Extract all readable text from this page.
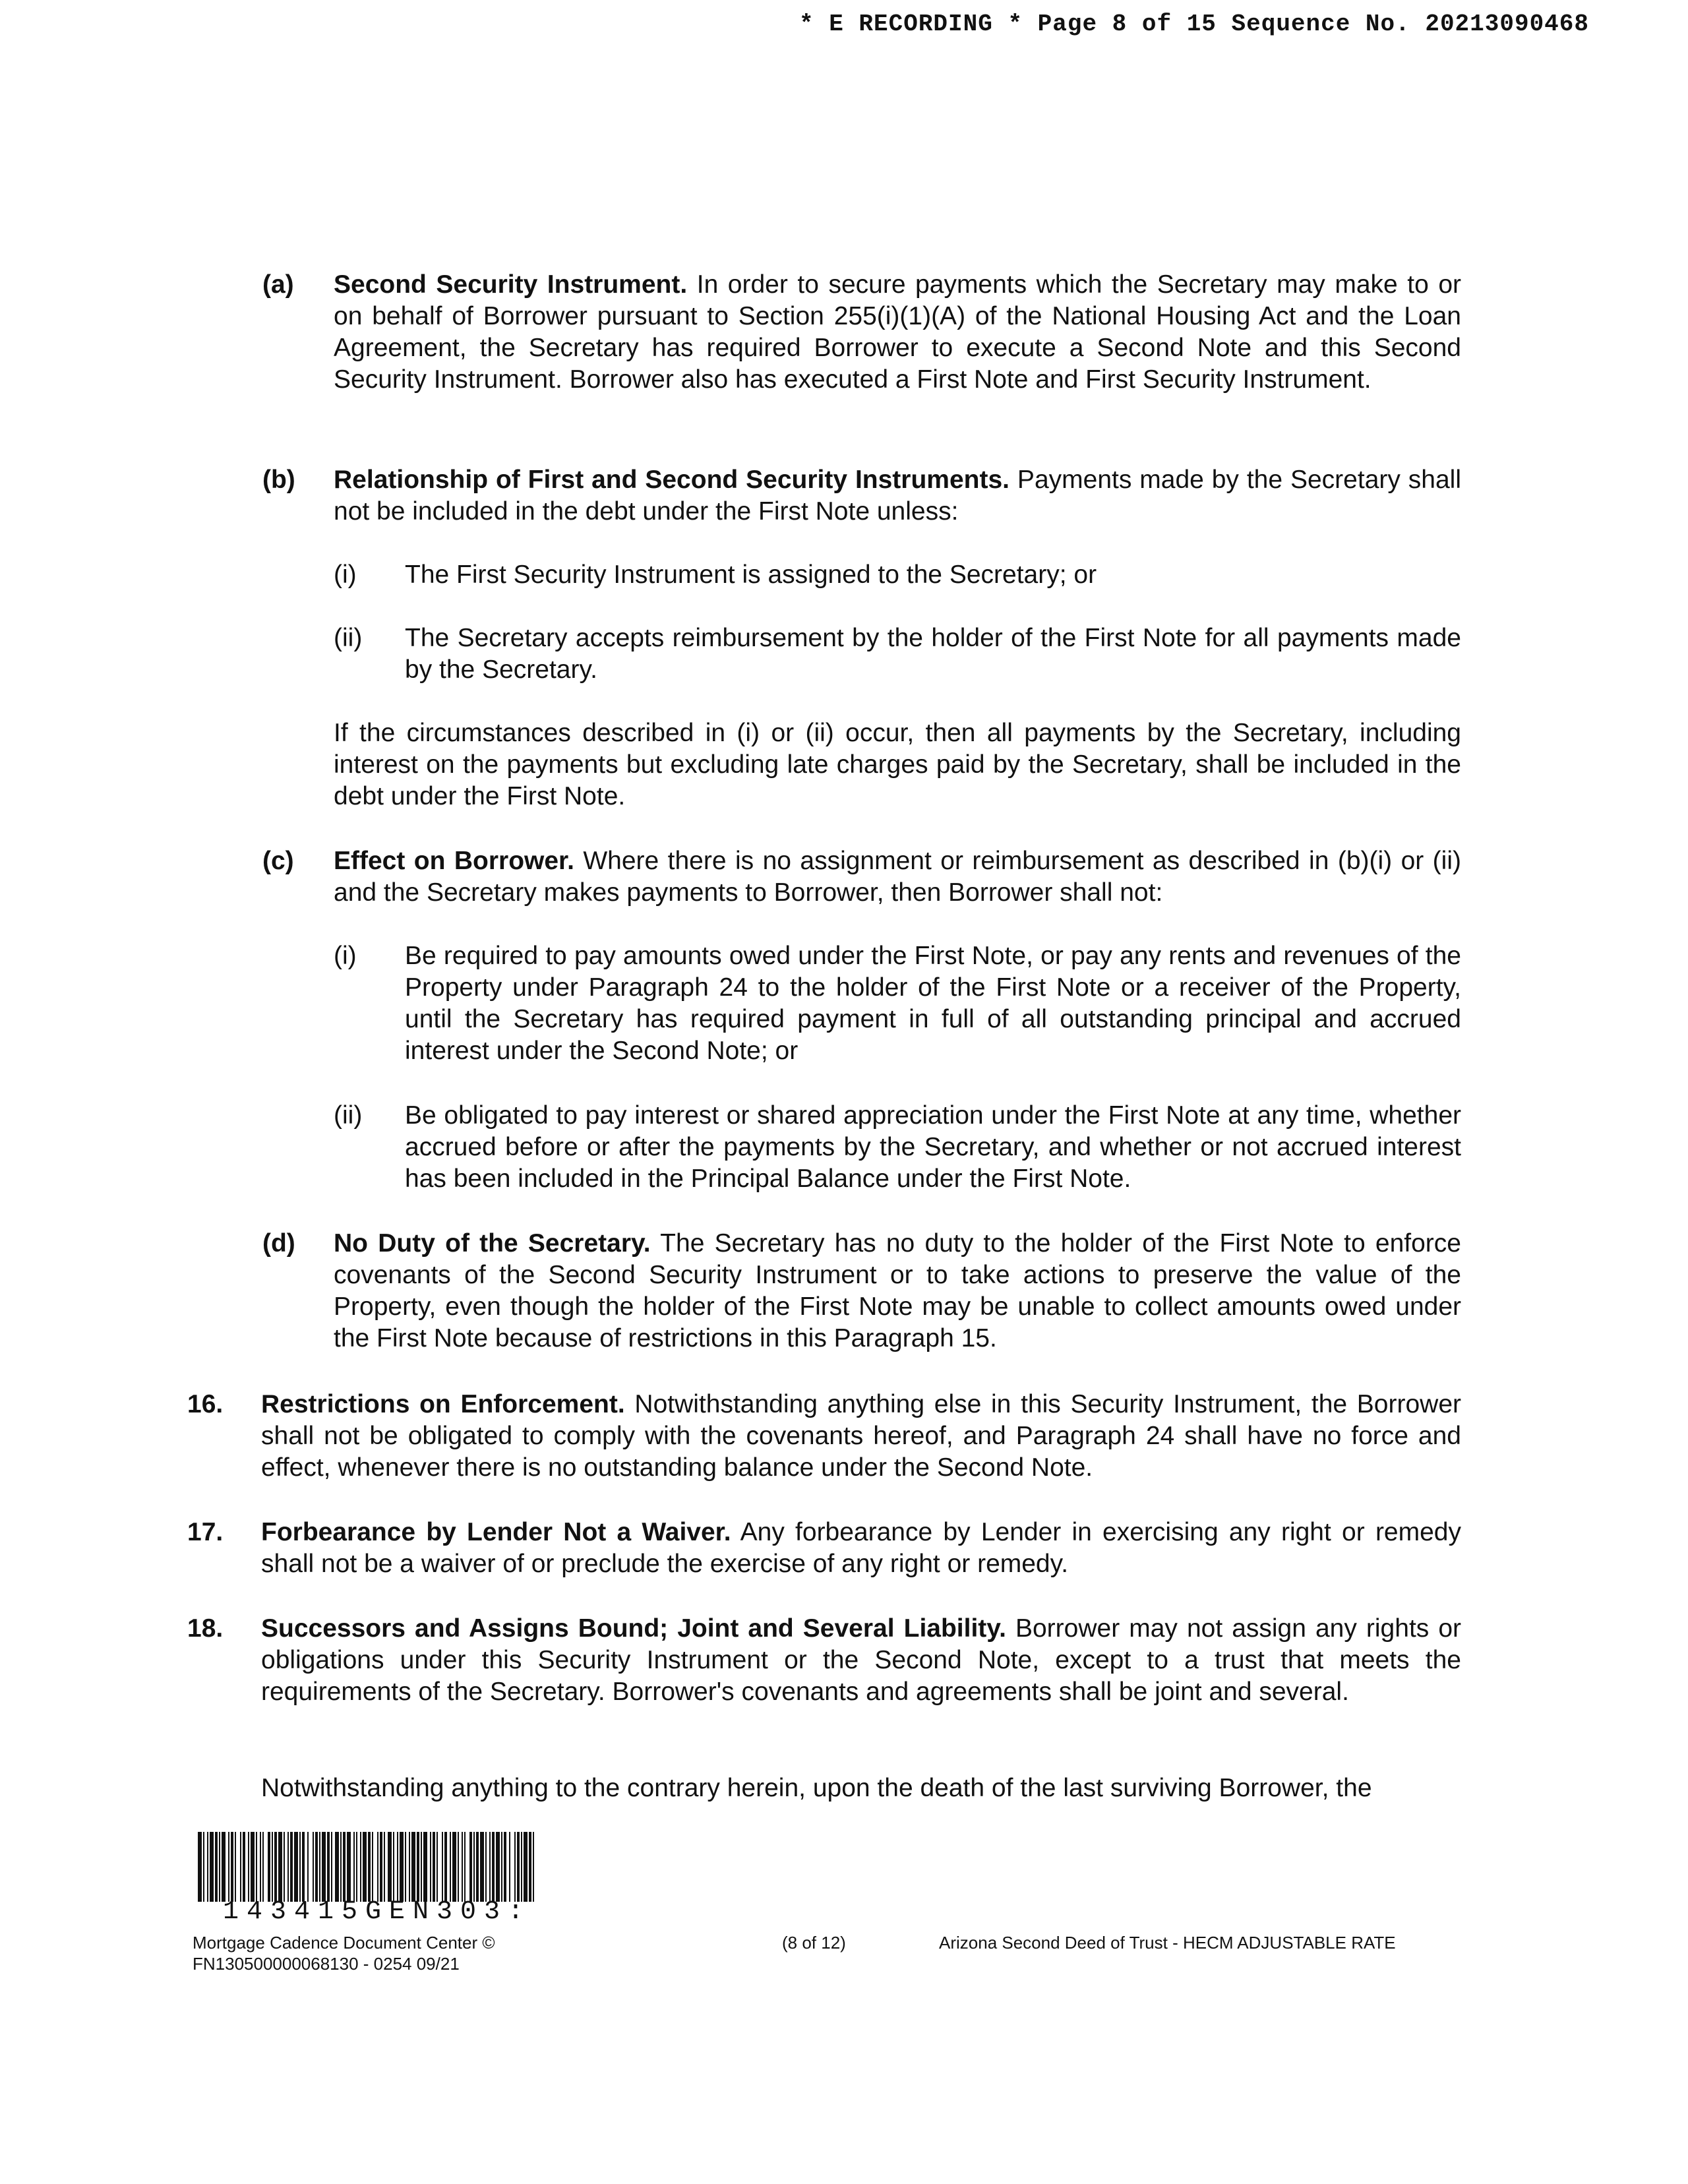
* E RECORDING * Page 8 of 15 Sequence No. 20213090468
(a) Second Security Instrument. In order to secure payments which the Secretary may make to or on behalf of Borrower pursuant to Section 255(i)(1)(A) of the National Housing Act and the Loan Agreement, the Secretary has required Borrower to execute a Second Note and this Second Security Instrument. Borrower also has executed a First Note and First Security Instrument.
(b) Relationship of First and Second Security Instruments. Payments made by the Secretary shall not be included in the debt under the First Note unless:
(i) The First Security Instrument is assigned to the Secretary; or
(ii) The Secretary accepts reimbursement by the holder of the First Note for all payments made by the Secretary.
If the circumstances described in (i) or (ii) occur, then all payments by the Secretary, including interest on the payments but excluding late charges paid by the Secretary, shall be included in the debt under the First Note.
(c) Effect on Borrower. Where there is no assignment or reimbursement as described in (b)(i) or (ii) and the Secretary makes payments to Borrower, then Borrower shall not:
(i) Be required to pay amounts owed under the First Note, or pay any rents and revenues of the Property under Paragraph 24 to the holder of the First Note or a receiver of the Property, until the Secretary has required payment in full of all outstanding principal and accrued interest under the Second Note; or
(ii) Be obligated to pay interest or shared appreciation under the First Note at any time, whether accrued before or after the payments by the Secretary, and whether or not accrued interest has been included in the Principal Balance under the First Note.
(d) No Duty of the Secretary. The Secretary has no duty to the holder of the First Note to enforce covenants of the Second Security Instrument or to take actions to preserve the value of the Property, even though the holder of the First Note may be unable to collect amounts owed under the First Note because of restrictions in this Paragraph 15.
16. Restrictions on Enforcement. Notwithstanding anything else in this Security Instrument, the Borrower shall not be obligated to comply with the covenants hereof, and Paragraph 24 shall have no force and effect, whenever there is no outstanding balance under the Second Note.
17. Forbearance by Lender Not a Waiver. Any forbearance by Lender in exercising any right or remedy shall not be a waiver of or preclude the exercise of any right or remedy.
18. Successors and Assigns Bound; Joint and Several Liability. Borrower may not assign any rights or obligations under this Security Instrument or the Second Note, except to a trust that meets the requirements of the Secretary. Borrower's covenants and agreements shall be joint and several.
Notwithstanding anything to the contrary herein, upon the death of the last surviving Borrower, the
143415GEN303:
Mortgage Cadence Document Center ©
FN130500000068130 - 0254 09/21
(8 of 12)	Arizona Second Deed of Trust - HECM ADJUSTABLE RATE
